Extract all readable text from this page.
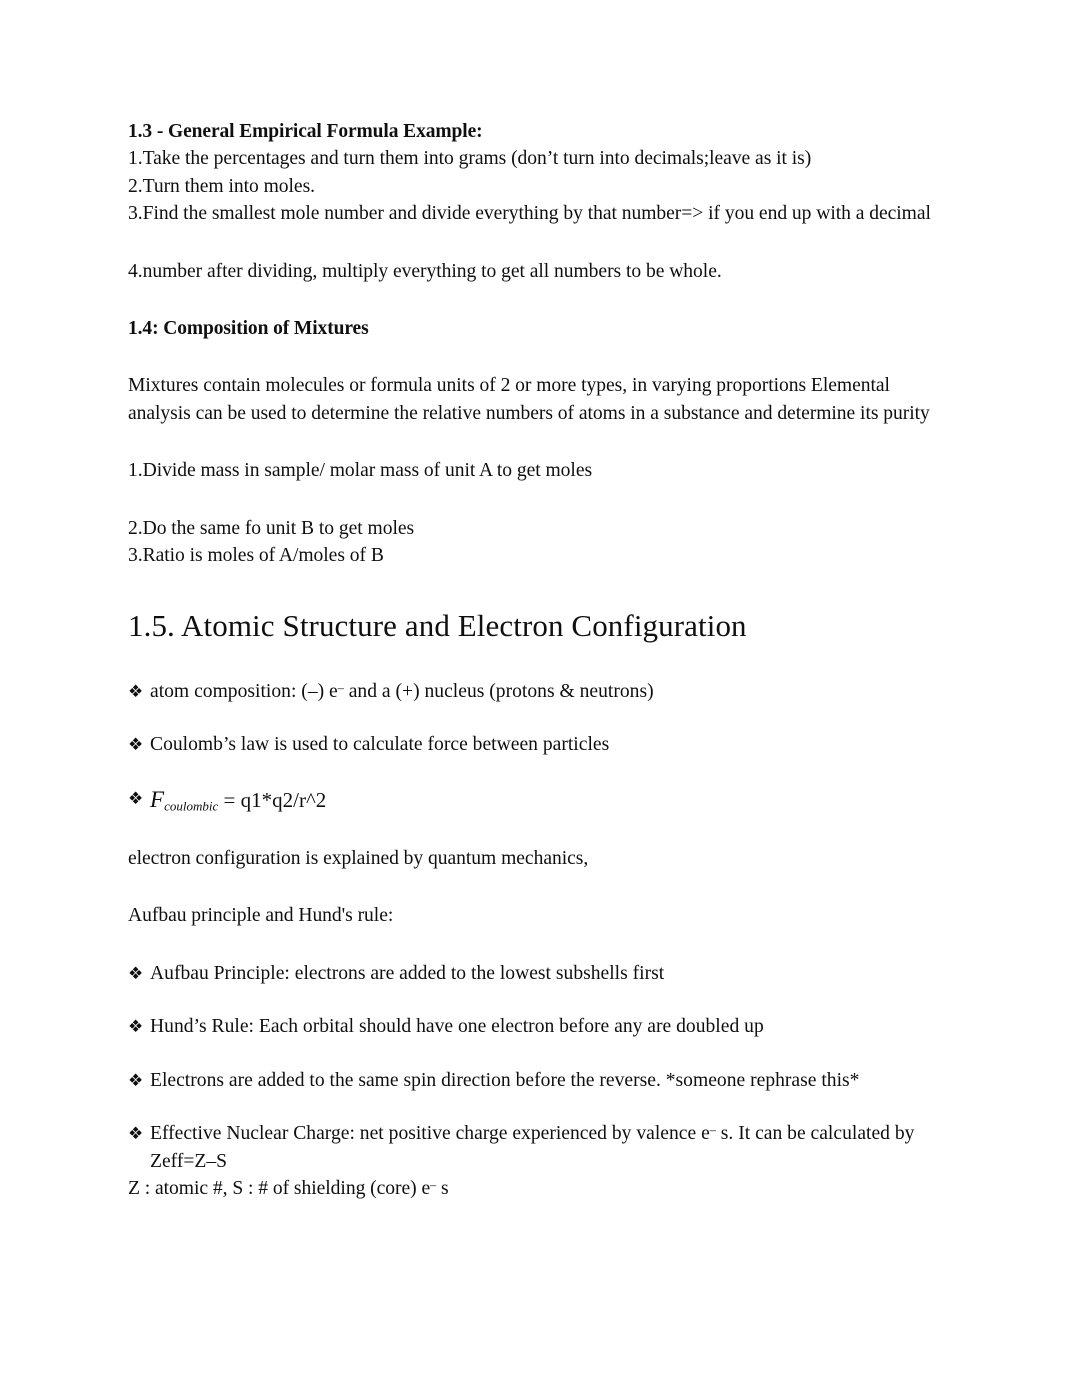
1.3 - General Empirical Formula Example:
1.Take the percentages and turn them into grams (don’t turn into decimals;leave as it is)
2.Turn them into moles.
3.Find the smallest mole number and divide everything by that number=> if you end up with a decimal
4.number after dividing, multiply everything to get all numbers to be whole.
1.4: Composition of Mixtures
Mixtures contain molecules or formula units of 2 or more types, in varying proportions Elemental analysis can be used to determine the relative numbers of atoms in a substance and determine its purity
1.Divide mass in sample/ molar mass of unit A to get moles
2.Do the same fo unit B to get moles
3.Ratio is moles of A/moles of B
1.5. Atomic Structure and Electron Configuration
❖ atom composition: (–) e– and a (+) nucleus (protons & neutrons)
❖ Coulomb’s law is used to calculate force between particles
❖ Fcoulombic = q1*q2/r^2
electron configuration is explained by quantum mechanics,
Aufbau principle and Hund's rule:
❖ Aufbau Principle: electrons are added to the lowest subshells first
❖ Hund’s Rule: Each orbital should have one electron before any are doubled up
❖ Electrons are added to the same spin direction before the reverse. *someone rephrase this*
❖ Effective Nuclear Charge: net positive charge experienced by valence e– s. It can be calculated by Zeff=Z–S
Z : atomic #, S : # of shielding (core) e– s
